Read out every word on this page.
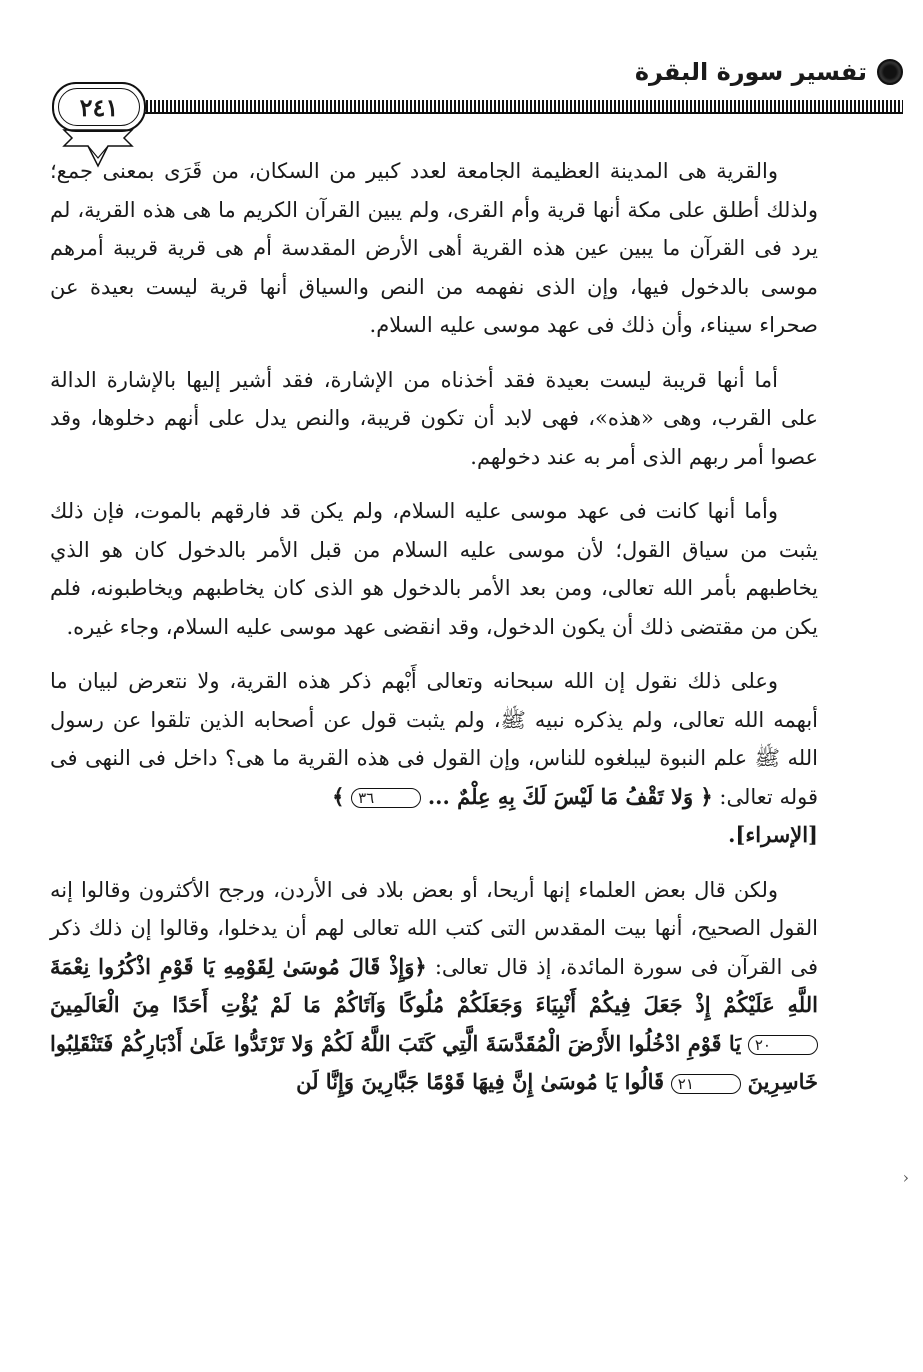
تفسير سورة البقرة
٢٤١

والقرية هى المدينة العظيمة الجامعة لعدد كبير من السكان، من قَرَى بمعنى جمع؛ ولذلك أطلق على مكة أنها قرية وأم القرى، ولم يبين القرآن الكريم ما هى هذه القرية، لم يرد فى القرآن ما يبين عين هذه القرية أهى الأرض المقدسة أم هى قرية قريبة أمرهم موسى بالدخول فيها، وإن الذى نفهمه من النص والسياق أنها قرية ليست بعيدة عن صحراء سيناء، وأن ذلك فى عهد موسى عليه السلام.

أما أنها قريبة ليست بعيدة فقد أخذناه من الإشارة، فقد أشير إليها بالإشارة الدالة على القرب، وهى «هذه»، فهى لابد أن تكون قريبة، والنص يدل على أنهم دخلوها، وقد عصوا أمر ربهم الذى أمر به عند دخولهم.

وأما أنها كانت فى عهد موسى عليه السلام، ولم يكن قد فارقهم بالموت، فإن ذلك يثبت من سياق القول؛ لأن موسى عليه السلام من قبل الأمر بالدخول كان هو الذي يخاطبهم بأمر الله تعالى، ومن بعد الأمر بالدخول هو الذى كان يخاطبهم ويخاطبونه، فلم يكن من مقتضى ذلك أن يكون الدخول، وقد انقضى عهد موسى عليه السلام، وجاء غيره.

وعلى ذلك نقول إن الله سبحانه وتعالى أَبْهم ذكر هذه القرية، ولا نتعرض لبيان ما أبهمه الله تعالى، ولم يذكره نبيه ﷺ، ولم يثبت قول عن أصحابه الذين تلقوا عن رسول الله ﷺ علم النبوة ليبلغوه للناس، وإن القول فى هذه القرية ما هى؟ داخل فى النهى فى قوله تعالى: ﴿ وَلا تَقْفُ مَا لَيْسَ لَكَ بِهِ عِلْمٌ ... ٣٦ ﴾
[الإسراء].

ولكن قال بعض العلماء إنها أريحا، أو بعض بلاد فى الأردن، ورجح الأكثرون وقالوا إنه القول الصحيح، أنها بيت المقدس التى كتب الله تعالى لهم أن يدخلوا، وقالوا إن ذلك ذكر فى القرآن فى سورة المائدة، إذ قال تعالى: ﴿وَإِذْ قَالَ مُوسَىٰ لِقَوْمِهِ يَا قَوْمِ اذْكُرُوا نِعْمَةَ اللَّهِ عَلَيْكُمْ إِذْ جَعَلَ فِيكُمْ أَنْبِيَاءَ وَجَعَلَكُمْ مُلُوكًا وَآتَاكُمْ مَا لَمْ يُؤْتِ أَحَدًا مِنَ الْعَالَمِينَ ٢٠ يَا قَوْمِ ادْخُلُوا الأَرْضَ الْمُقَدَّسَةَ الَّتِي كَتَبَ اللَّهُ لَكُمْ وَلا تَرْتَدُّوا عَلَىٰ أَدْبَارِكُمْ فَتَنْقَلِبُوا خَاسِرِينَ ٢١ قَالُوا يَا مُوسَىٰ إِنَّ فِيهَا قَوْمًا جَبَّارِينَ وَإِنَّا لَن

›
